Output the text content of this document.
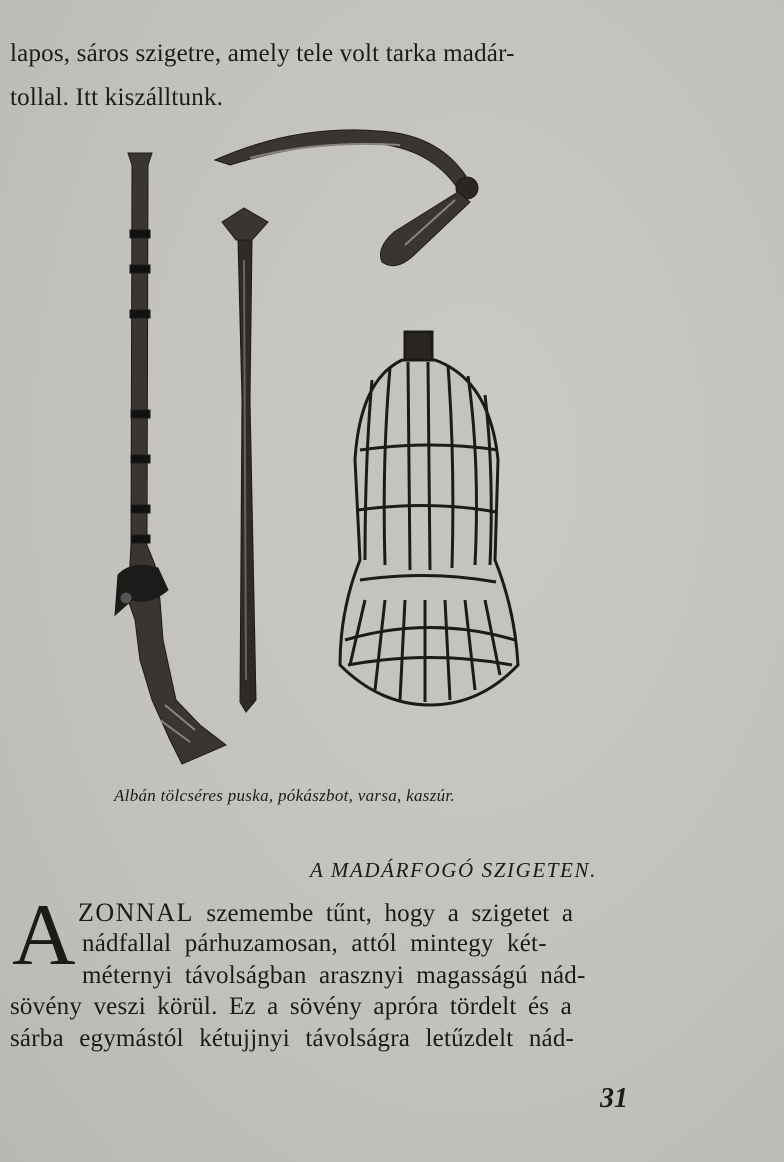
lapos, sáros szigetre, amely tele volt tarka madár-
tollal. Itt kiszálltunk.
Albán tölcséres puska, pókászbot, varsa, kaszúr.
A MADÁRFOGÓ SZIGETEN.
A ZONNAL szemembe tűnt, hogy a szigetet a
nádfallal párhuzamosan, attól mintegy két-
méternyi távolságban arasznyi magasságú nád-
sövény veszi körül. Ez a sövény apróra tördelt és a
sárba egymástól kétujjnyi távolságra letűzdelt nád-
31
